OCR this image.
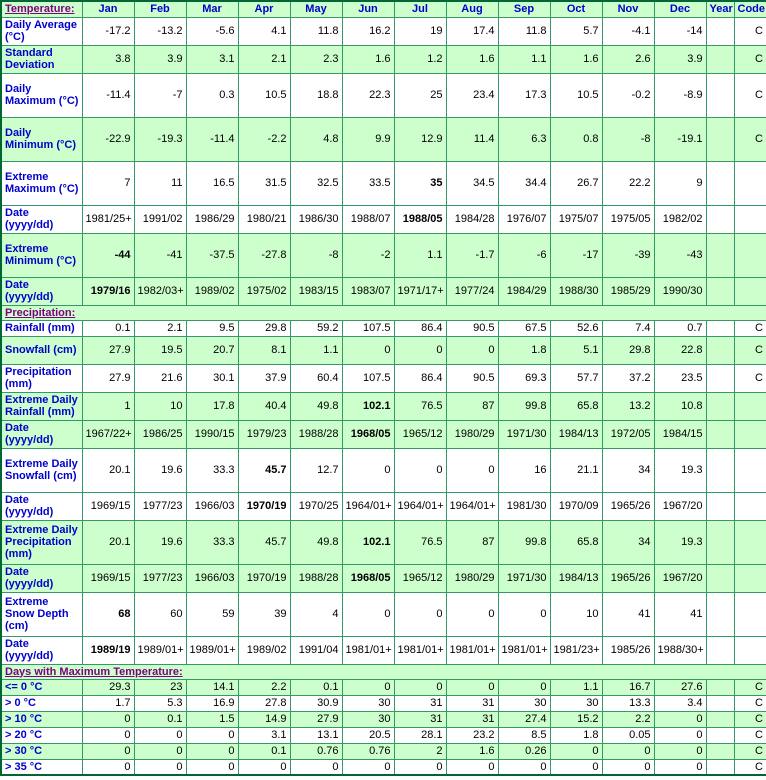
Temperature:	Jan	Feb	Mar	Apr	May	Jun	Jul	Aug	Sep	Oct	Nov	Dec	Year	Code
Daily Average (°C)	-17.2	-13.2	-5.6	4.1	11.8	16.2	19	17.4	11.8	5.7	-4.1	-14		C
Standard Deviation	3.8	3.9	3.1	2.1	2.3	1.6	1.2	1.6	1.1	1.6	2.6	3.9		C
Daily Maximum (°C)	-11.4	-7	0.3	10.5	18.8	22.3	25	23.4	17.3	10.5	-0.2	-8.9		C
Daily Minimum (°C)	-22.9	-19.3	-11.4	-2.2	4.8	9.9	12.9	11.4	6.3	0.8	-8	-19.1		C
Extreme Maximum (°C)	7	11	16.5	31.5	32.5	33.5	35	34.5	34.4	26.7	22.2	9		
Date (yyyy/dd)	1981/25+	1991/02	1986/29	1980/21	1986/30	1988/07	1988/05	1984/28	1976/07	1975/07	1975/05	1982/02		
Extreme Minimum (°C)	-44	-41	-37.5	-27.8	-8	-2	1.1	-1.7	-6	-17	-39	-43		
Date (yyyy/dd)	1979/16	1982/03+	1989/02	1975/02	1983/15	1983/07	1971/17+	1977/24	1984/29	1988/30	1985/29	1990/30		
Precipitation:														
Rainfall (mm)	0.1	2.1	9.5	29.8	59.2	107.5	86.4	90.5	67.5	52.6	7.4	0.7		C
Snowfall (cm)	27.9	19.5	20.7	8.1	1.1	0	0	0	1.8	5.1	29.8	22.8		C
Precipitation (mm)	27.9	21.6	30.1	37.9	60.4	107.5	86.4	90.5	69.3	57.7	37.2	23.5		C
Extreme Daily Rainfall (mm)	1	10	17.8	40.4	49.8	102.1	76.5	87	99.8	65.8	13.2	10.8		
Date (yyyy/dd)	1967/22+	1986/25	1990/15	1979/23	1988/28	1968/05	1965/12	1980/29	1971/30	1984/13	1972/05	1984/15		
Extreme Daily Snowfall (cm)	20.1	19.6	33.3	45.7	12.7	0	0	0	16	21.1	34	19.3		
Date (yyyy/dd)	1969/15	1977/23	1966/03	1970/19	1970/25	1964/01+	1964/01+	1964/01+	1981/30	1970/09	1965/26	1967/20		
Extreme Daily Precipitation (mm)	20.1	19.6	33.3	45.7	49.8	102.1	76.5	87	99.8	65.8	34	19.3		
Date (yyyy/dd)	1969/15	1977/23	1966/03	1970/19	1988/28	1968/05	1965/12	1980/29	1971/30	1984/13	1965/26	1967/20		
Extreme Snow Depth (cm)	68	60	59	39	4	0	0	0	0	10	41	41		
Date (yyyy/dd)	1989/19	1989/01+	1989/01+	1989/02	1991/04	1981/01+	1981/01+	1981/01+	1981/01+	1981/23+	1985/26	1988/30+		
Days with Maximum Temperature:														
<= 0 °C	29.3	23	14.1	2.2	0.1	0	0	0	0	1.1	16.7	27.6		C
> 0 °C	1.7	5.3	16.9	27.8	30.9	30	31	31	30	30	13.3	3.4		C
> 10 °C	0	0.1	1.5	14.9	27.9	30	31	31	27.4	15.2	2.2	0		C
> 20 °C	0	0	0	3.1	13.1	20.5	28.1	23.2	8.5	1.8	0.05	0		C
> 30 °C	0	0	0	0.1	0.76	0.76	2	1.6	0.26	0	0	0		C
> 35 °C	0	0	0	0	0	0	0	0	0	0	0	0		C
